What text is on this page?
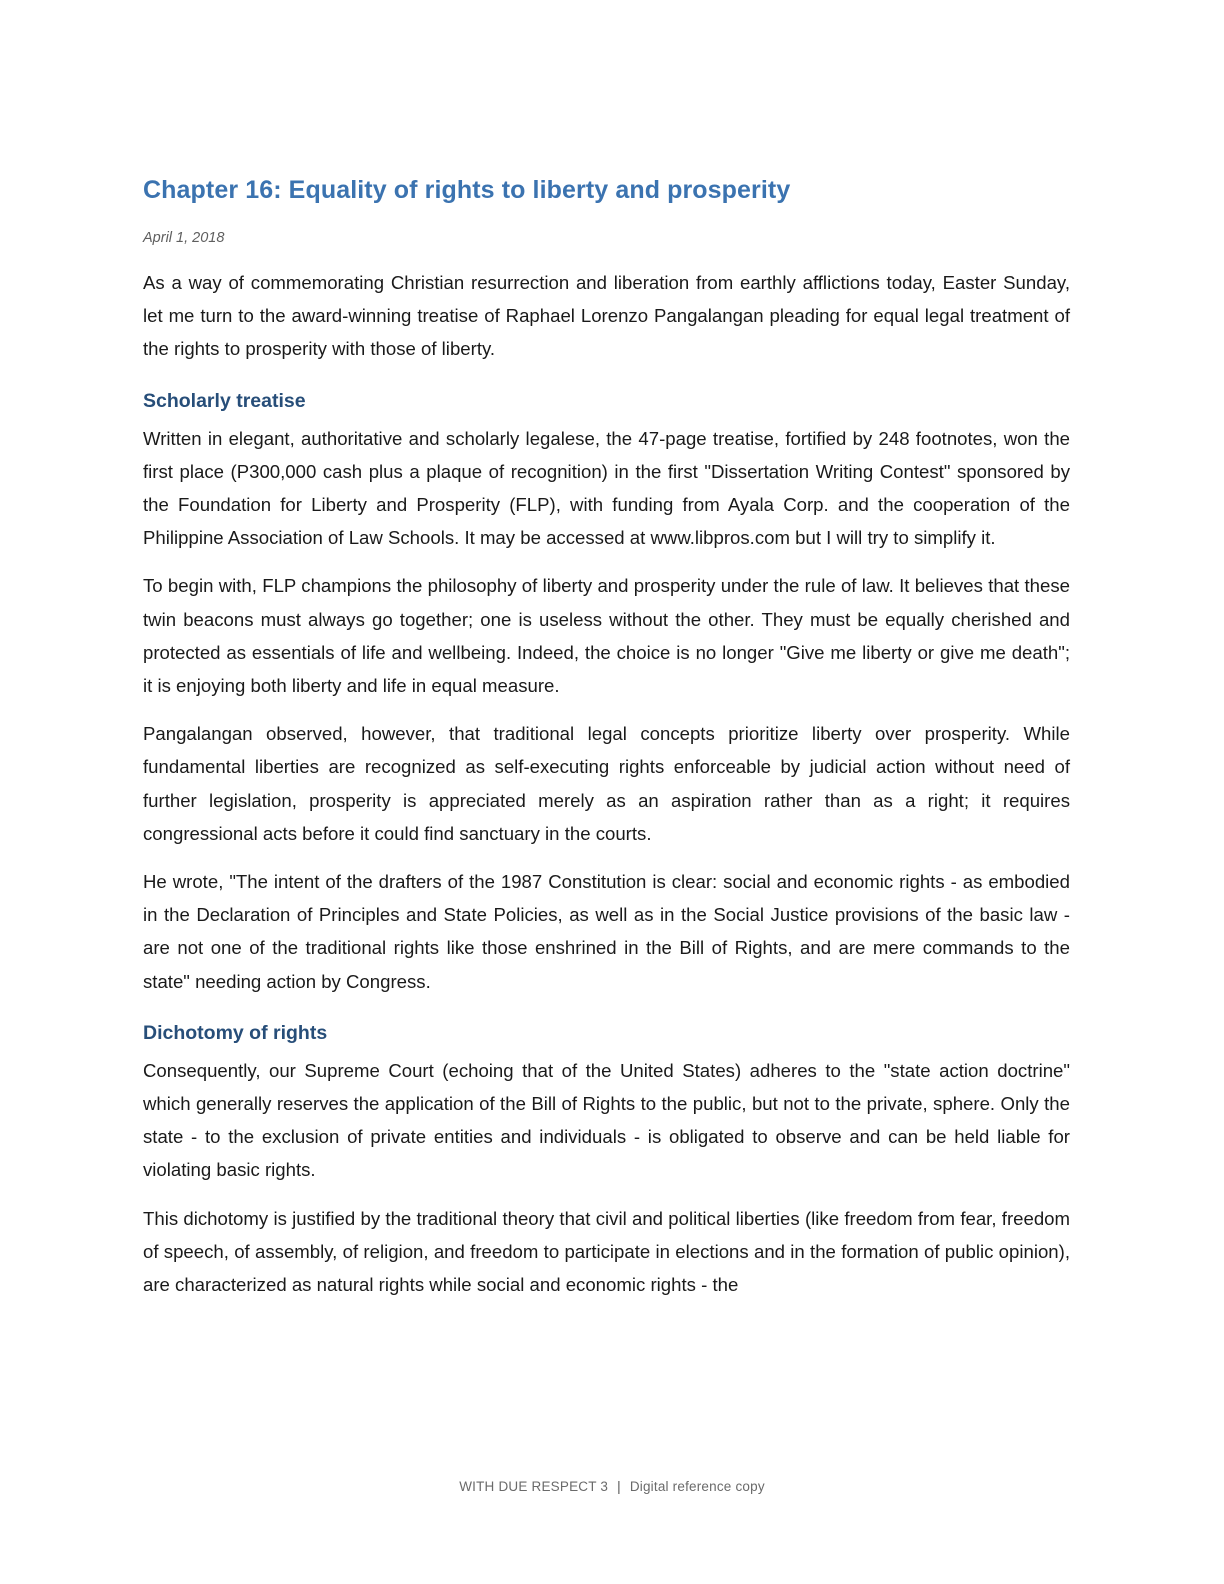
Chapter 16: Equality of rights to liberty and prosperity
April 1, 2018

As a way of commemorating Christian resurrection and liberation from earthly afflictions today, Easter Sunday, let me turn to the award-winning treatise of Raphael Lorenzo Pangalangan pleading for equal legal treatment of the rights to prosperity with those of liberty.

Scholarly treatise

Written in elegant, authoritative and scholarly legalese, the 47-page treatise, fortified by 248 footnotes, won the first place (P300,000 cash plus a plaque of recognition) in the first "Dissertation Writing Contest" sponsored by the Foundation for Liberty and Prosperity (FLP), with funding from Ayala Corp. and the cooperation of the Philippine Association of Law Schools. It may be accessed at www.libpros.com but I will try to simplify it.

To begin with, FLP champions the philosophy of liberty and prosperity under the rule of law. It believes that these twin beacons must always go together; one is useless without the other. They must be equally cherished and protected as essentials of life and wellbeing. Indeed, the choice is no longer "Give me liberty or give me death"; it is enjoying both liberty and life in equal measure.

Pangalangan observed, however, that traditional legal concepts prioritize liberty over prosperity. While fundamental liberties are recognized as self-executing rights enforceable by judicial action without need of further legislation, prosperity is appreciated merely as an aspiration rather than as a right; it requires congressional acts before it could find sanctuary in the courts.

He wrote, "The intent of the drafters of the 1987 Constitution is clear: social and economic rights - as embodied in the Declaration of Principles and State Policies, as well as in the Social Justice provisions of the basic law - are not one of the traditional rights like those enshrined in the Bill of Rights, and are mere commands to the state" needing action by Congress.

Dichotomy of rights

Consequently, our Supreme Court (echoing that of the United States) adheres to the "state action doctrine" which generally reserves the application of the Bill of Rights to the public, but not to the private, sphere. Only the state - to the exclusion of private entities and individuals - is obligated to observe and can be held liable for violating basic rights.

This dichotomy is justified by the traditional theory that civil and political liberties (like freedom from fear, freedom of speech, of assembly, of religion, and freedom to participate in elections and in the formation of public opinion), are characterized as natural rights while social and economic rights - the

WITH DUE RESPECT 3 | Digital reference copy
